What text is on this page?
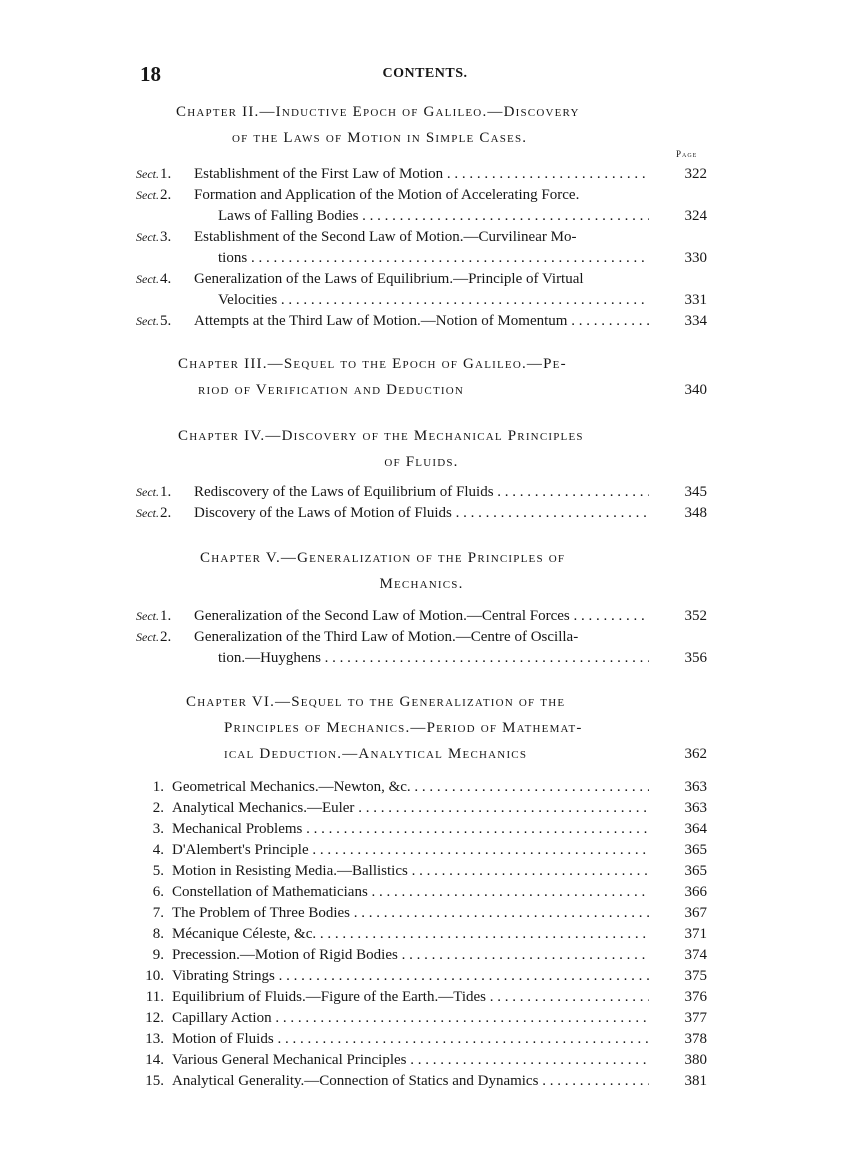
18	CONTENTS.
Chapter II.—Inductive Epoch of Galileo.—Discovery
of the Laws of Motion in Simple Cases.
Page
Sect. 1.	Establishment of the First Law of Motion . . .	322
Sect. 2.	Formation and Application of the Motion of Accelerating Force.
Laws of Falling Bodies . . .	324
Sect. 3.	Establishment of the Second Law of Motion.—Curvilinear Mo-
tions . . .	330
Sect. 4.	Generalization of the Laws of Equilibrium.—Principle of Virtual
Velocities . . .	331
Sect. 5.	Attempts at the Third Law of Motion.—Notion of Momentum . . .	334
Chapter III.—Sequel to the Epoch of Galileo.—Pe-
riod of Verification and Deduction	340
Chapter IV.—Discovery of the Mechanical Principles
of Fluids.
Sect. 1.	Rediscovery of the Laws of Equilibrium of Fluids . . .	345
Sect. 2.	Discovery of the Laws of Motion of Fluids . . .	348
Chapter V.—Generalization of the Principles of
Mechanics.
Sect. 1.	Generalization of the Second Law of Motion.—Central Forces . . .	352
Sect. 2.	Generalization of the Third Law of Motion.—Centre of Oscilla-
tion.—Huyghens . . .	356
Chapter VI.—Sequel to the Generalization of the
Principles of Mechanics.—Period of Mathemat-
ical Deduction.—Analytical Mechanics	362
1. Geometrical Mechanics.—Newton, &c. . . .	363
2. Analytical Mechanics.—Euler . . .	363
3. Mechanical Problems . . .	364
4. D'Alembert's Principle . . .	365
5. Motion in Resisting Media.—Ballistics . . .	365
6. Constellation of Mathematicians . . .	366
7. The Problem of Three Bodies . . .	367
8. Mécanique Céleste, &c. . . .	371
9. Precession.—Motion of Rigid Bodies . . .	374
10. Vibrating Strings . . .	375
11. Equilibrium of Fluids.—Figure of the Earth.—Tides . . .	376
12. Capillary Action . . .	377
13. Motion of Fluids . . .	378
14. Various General Mechanical Principles . . .	380
15. Analytical Generality.—Connection of Statics and Dynamics . . .	381
